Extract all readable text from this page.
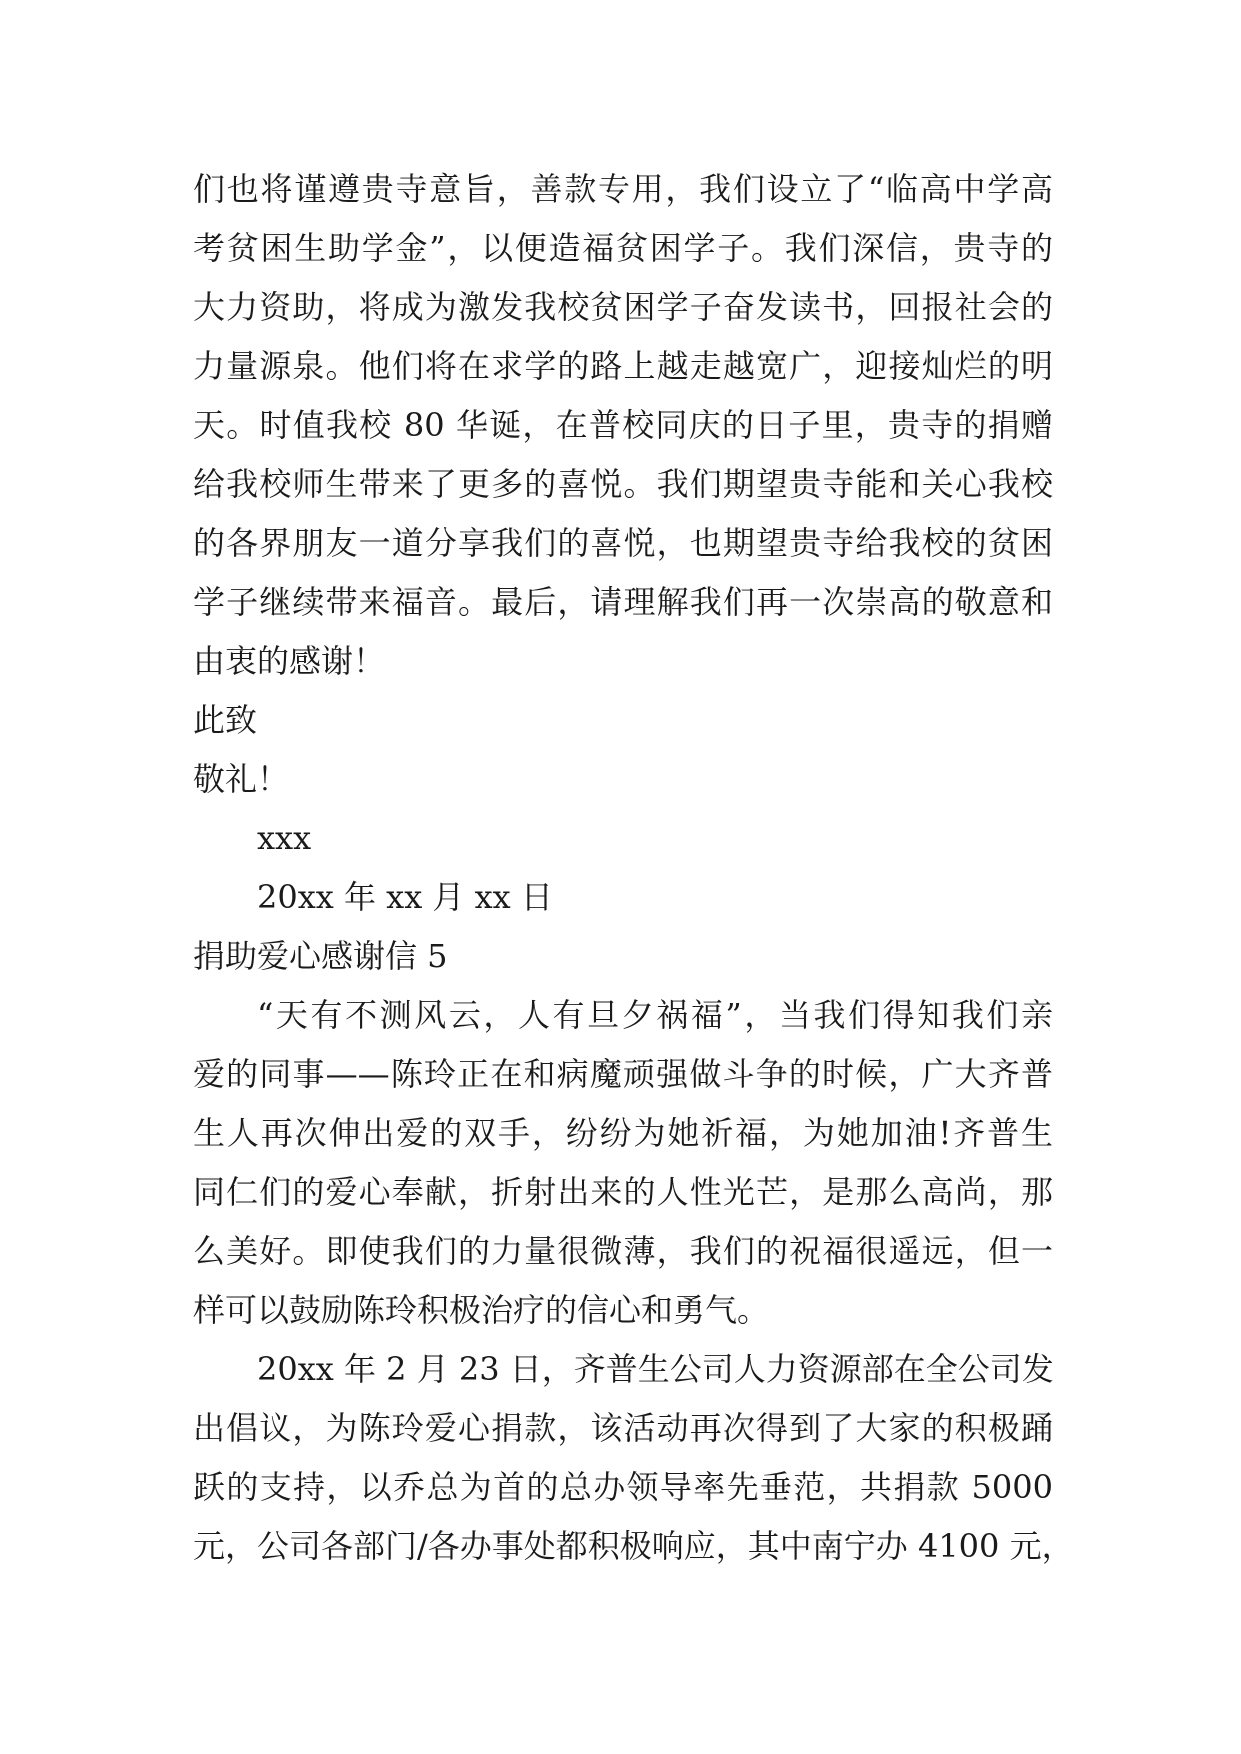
们也将谨遵贵寺意旨，善款专用，我们设立了“临高中学高
考贫困生助学金”，以便造福贫困学子。我们深信，贵寺的
大力资助，将成为激发我校贫困学子奋发读书，回报社会的
力量源泉。他们将在求学的路上越走越宽广，迎接灿烂的明
天。时值我校 80 华诞，在普校同庆的日子里，贵寺的捐赠
给我校师生带来了更多的喜悦。我们期望贵寺能和关心我校
的各界朋友一道分享我们的喜悦，也期望贵寺给我校的贫困
学子继续带来福音。最后，请理解我们再一次崇高的敬意和
由衷的感谢！
此致
敬礼！
xxx
20xx 年 xx 月 xx 日
捐助爱心感谢信 5
“天有不测风云，人有旦夕祸福”，当我们得知我们亲
爱的同事——陈玲正在和病魔顽强做斗争的时候，广大齐普
生人再次伸出爱的双手，纷纷为她祈福，为她加油!齐普生
同仁们的爱心奉献，折射出来的人性光芒，是那么高尚，那
么美好。即使我们的力量很微薄，我们的祝福很遥远，但一
样可以鼓励陈玲积极治疗的信心和勇气。
20xx 年 2 月 23 日，齐普生公司人力资源部在全公司发
出倡议，为陈玲爱心捐款，该活动再次得到了大家的积极踊
跃的支持，以乔总为首的总办领导率先垂范，共捐款 5000
元，公司各部门/各办事处都积极响应，其中南宁办 4100 元，
